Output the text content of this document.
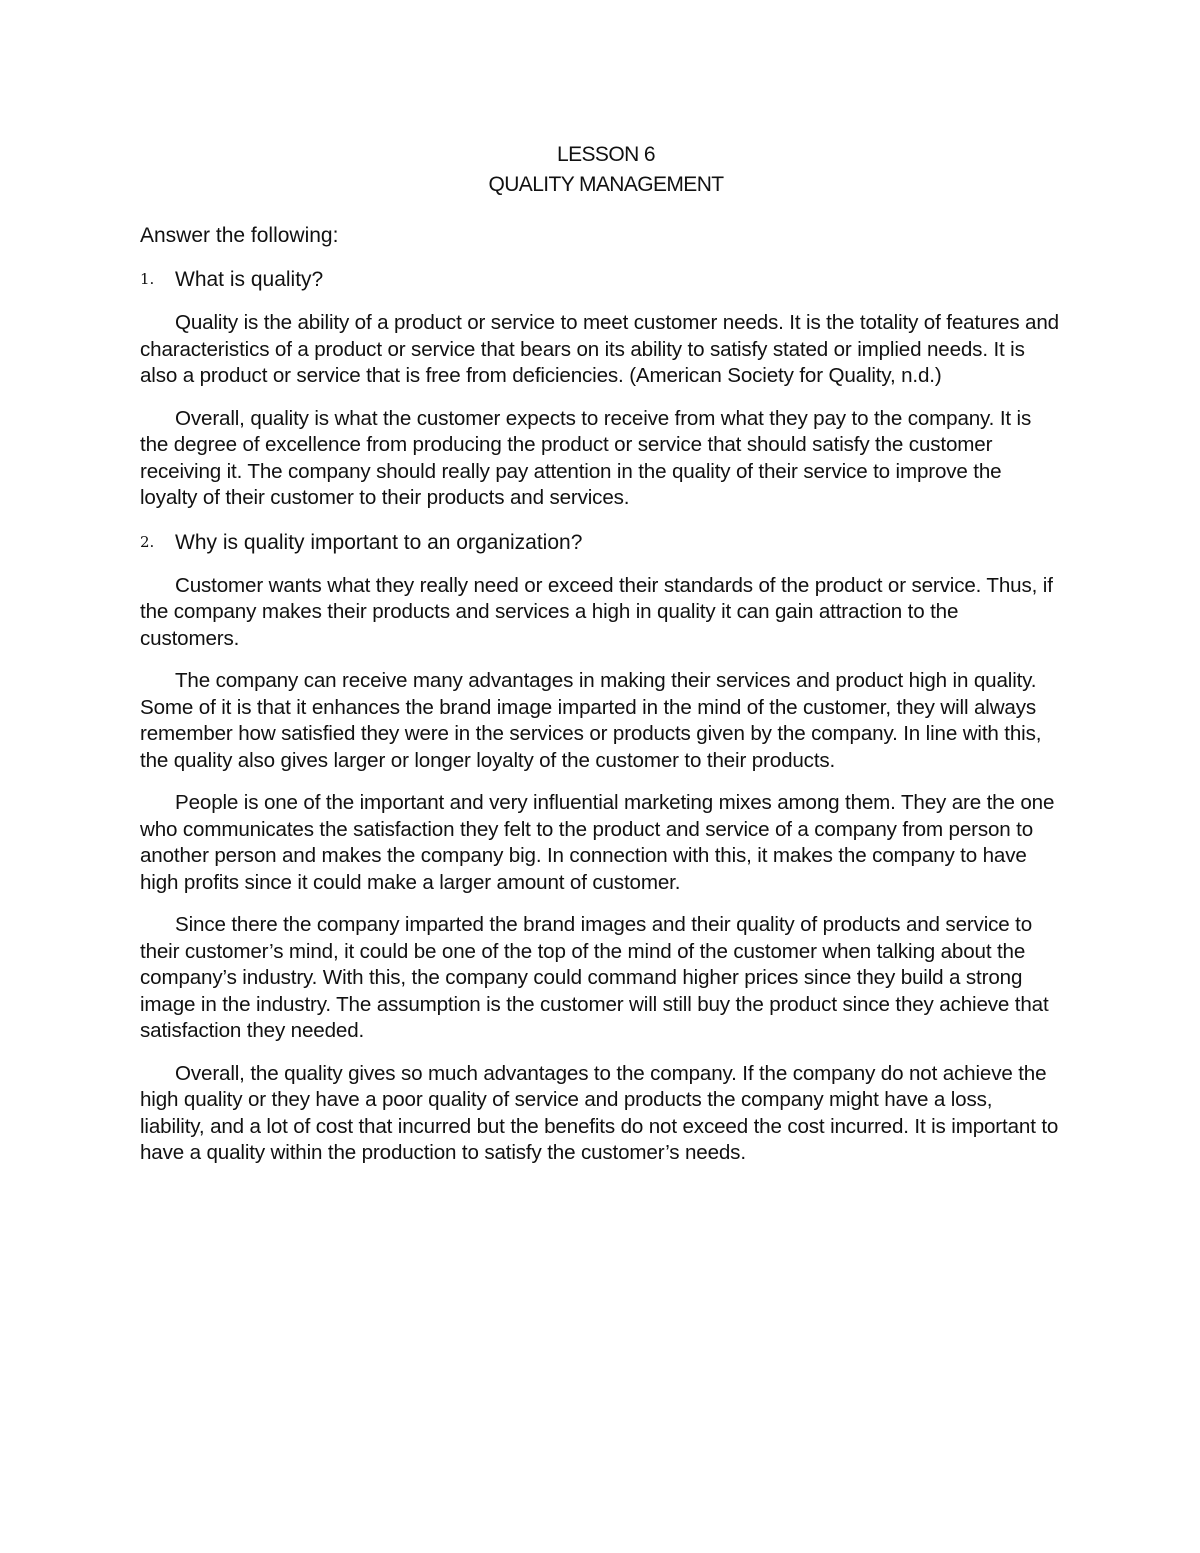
LESSON 6
QUALITY MANAGEMENT
Answer the following:
1. What is quality?

Quality is the ability of a product or service to meet customer needs. It is the totality of features and characteristics of a product or service that bears on its ability to satisfy stated or implied needs. It is also a product or service that is free from deficiencies. (American Society for Quality, n.d.)

Overall, quality is what the customer expects to receive from what they pay to the company. It is the degree of excellence from producing the product or service that should satisfy the customer receiving it. The company should really pay attention in the quality of their service to improve the loyalty of their customer to their products and services.

2. Why is quality important to an organization?

Customer wants what they really need or exceed their standards of the product or service. Thus, if the company makes their products and services a high in quality it can gain attraction to the customers.

The company can receive many advantages in making their services and product high in quality. Some of it is that it enhances the brand image imparted in the mind of the customer, they will always remember how satisfied they were in the services or products given by the company. In line with this, the quality also gives larger or longer loyalty of the customer to their products.

People is one of the important and very influential marketing mixes among them. They are the one who communicates the satisfaction they felt to the product and service of a company from person to another person and makes the company big. In connection with this, it makes the company to have high profits since it could make a larger amount of customer.

Since there the company imparted the brand images and their quality of products and service to their customer’s mind, it could be one of the top of the mind of the customer when talking about the company’s industry. With this, the company could command higher prices since they build a strong image in the industry. The assumption is the customer will still buy the product since they achieve that satisfaction they needed.

Overall, the quality gives so much advantages to the company. If the company do not achieve the high quality or they have a poor quality of service and products the company might have a loss, liability, and a lot of cost that incurred but the benefits do not exceed the cost incurred. It is important to have a quality within the production to satisfy the customer’s needs.
